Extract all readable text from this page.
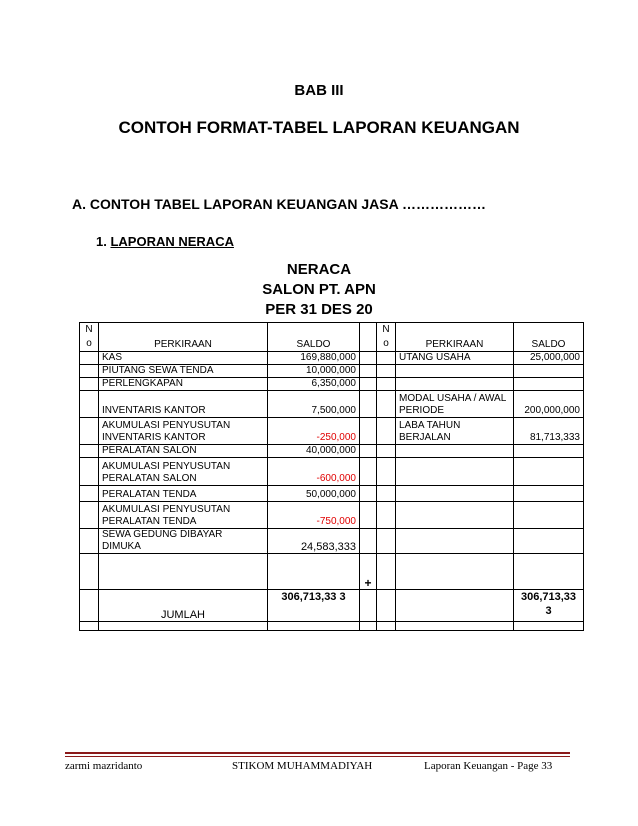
BAB III
CONTOH FORMAT-TABEL LAPORAN KEUANGAN
A. CONTOH TABEL LAPORAN KEUANGAN JASA ………………
1. LAPORAN NERACA
NERACA
SALON PT. APN
PER 31 DES 20
N o	PERKIRAAN	SALDO		N o	PERKIRAAN	SALDO
	KAS	169,880,000			UTANG USAHA	25,000,000
	PIUTANG SEWA TENDA	10,000,000				
	PERLENGKAPAN	6,350,000				
	INVENTARIS KANTOR	7,500,000			MODAL USAHA / AWAL PERIODE	200,000,000
	AKUMULASI PENYUSUTAN INVENTARIS KANTOR	-250,000			LABA TAHUN BERJALAN	81,713,333
	PERALATAN SALON	40,000,000				
	AKUMULASI PENYUSUTAN PERALATAN SALON	-600,000				
	PERALATAN TENDA	50,000,000				
	AKUMULASI PENYUSUTAN PERALATAN TENDA	-750,000				
	SEWA GEDUNG DIBAYAR DIMUKA	24,583,333				
			+			
	JUMLAH	306,713,33 3				306,713,33 3

zarmi mazridanto	STIKOM MUHAMMADIYAH	Laporan Keuangan - Page 33
